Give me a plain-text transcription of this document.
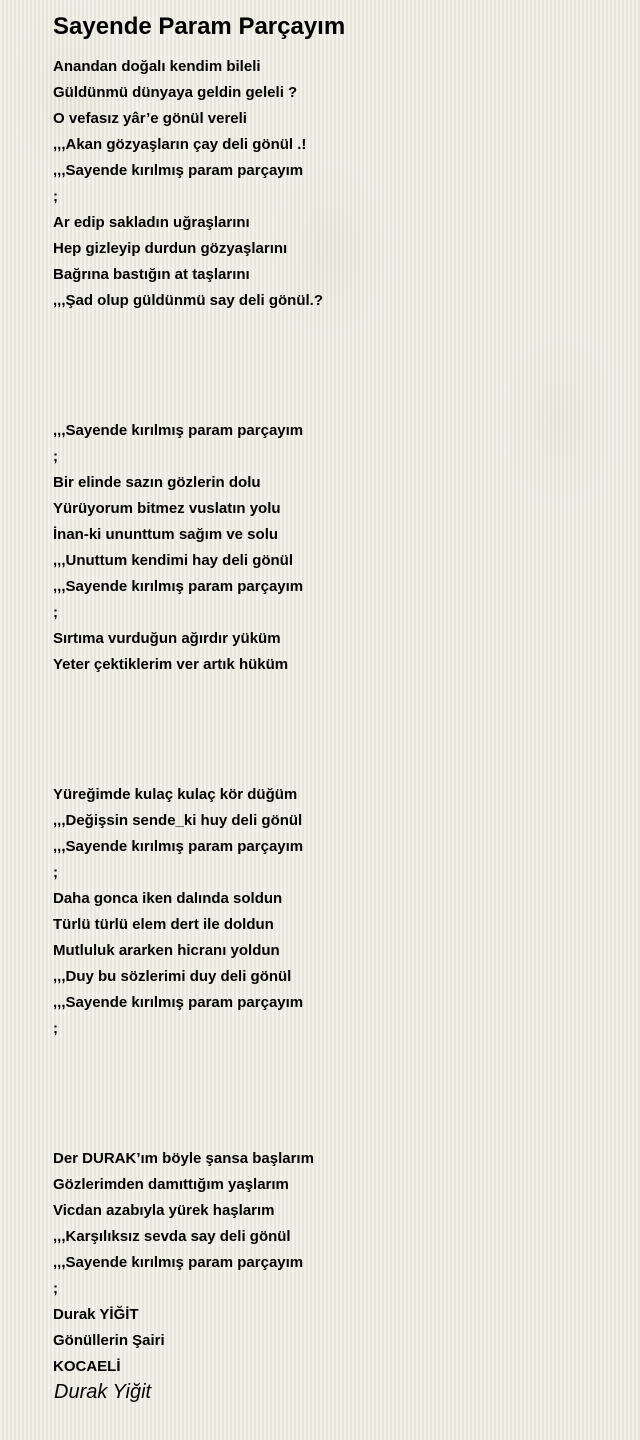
Sayende Param Parçayım
Anandan doğalı kendim bileli
Güldünmü dünyaya geldin geleli ?
O vefasız yâr’e gönül vereli
,,,Akan gözyaşların çay deli gönül .!
,,,Sayende kırılmış param parçayım
;
Ar edip sakladın uğraşlarını
Hep gizleyip durdun gözyaşlarını
Bağrına bastığın at taşlarını
,,,Şad olup güldünmü say deli gönül.?
,,,Sayende kırılmış param parçayım
;
Bir elinde sazın gözlerin dolu
Yürüyorum bitmez vuslatın yolu
İnan-ki ununttum sağım ve solu
,,,Unuttum kendimi hay deli gönül
,,,Sayende kırılmış param parçayım
;
Sırtıma vurduğun ağırdır yüküm
Yeter çektiklerim ver artık hüküm
Yüreğimde kulaç kulaç kör düğüm
,,,Değişsin sende_ki huy deli gönül
,,,Sayende kırılmış param parçayım
;
Daha gonca iken dalında soldun
Türlü türlü elem dert ile doldun
Mutluluk ararken hicranı yoldun
,,,Duy bu sözlerimi duy deli gönül
,,,Sayende kırılmış param parçayım
;
Der DURAK’ım böyle şansa başlarım
Gözlerimden damıttığım yaşlarım
Vicdan azabıyla yürek haşlarım
,,,Karşılıksız sevda say deli gönül
,,,Sayende kırılmış param parçayım
;
Durak YİĞİT
Gönüllerin Şairi
KOCAELİ
Durak Yiğit
